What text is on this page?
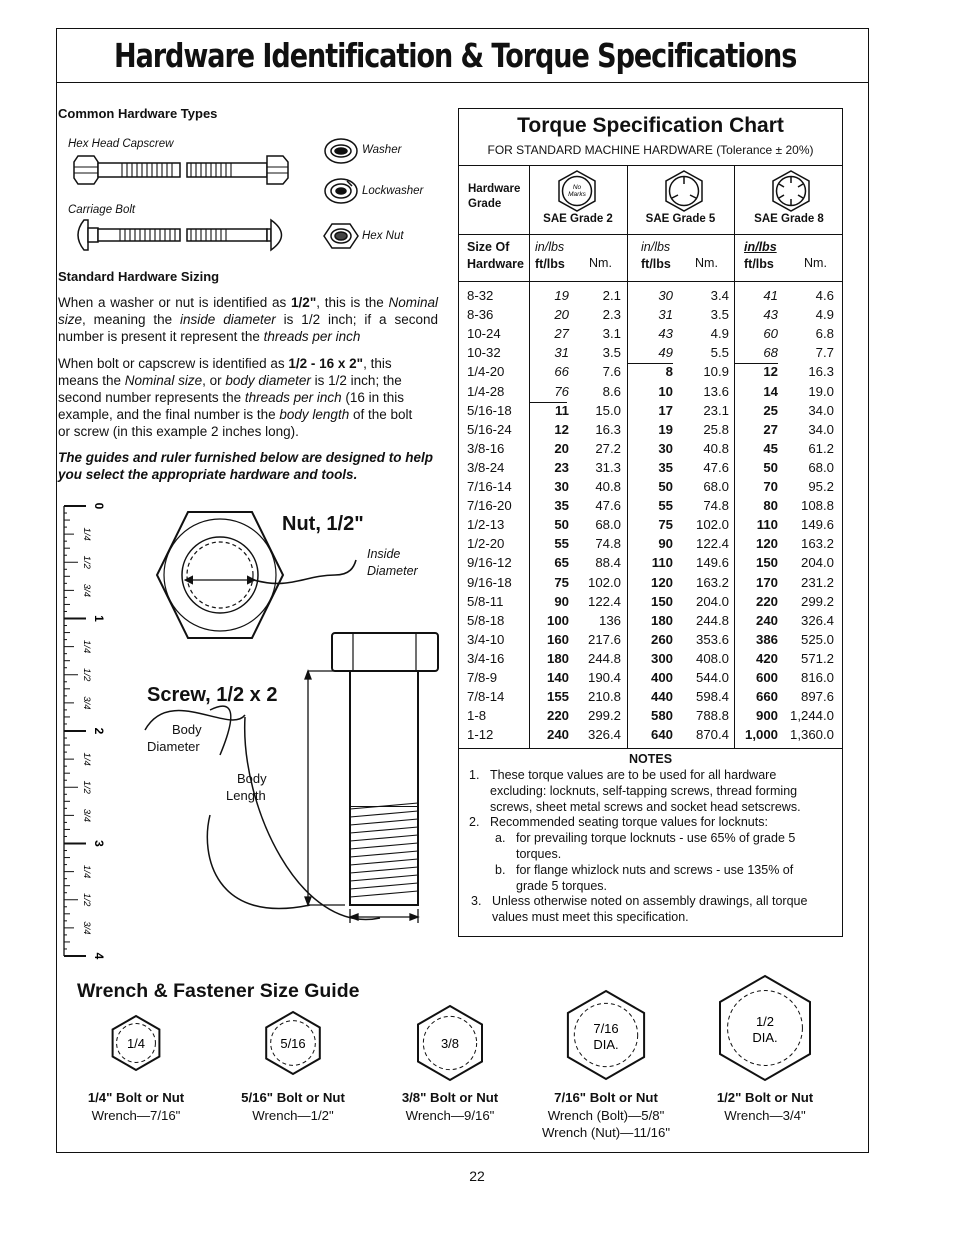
Hardware Identification & Torque Specifications
Common Hardware Types
Hex Head Capscrew
Carriage Bolt
Washer
Lockwasher
Hex Nut
Standard Hardware Sizing
When a washer or nut is identified as 1/2", this is the Nominal size, meaning the inside diameter is 1/2 inch; if a second number is present it represent the threads per inch
When bolt or capscrew is identified as 1/2 - 16 x 2", this means the Nominal size, or body diameter is 1/2 inch; the second number represents the threads per inch (16 in this example, and the final number is the body length of the bolt or screw (in this example 2 inches long).
The guides and ruler furnished below are designed to help you select the appropriate hardware and tools.
0
1
2
3
4
1/4
1/2
3/4
1/4
1/2
3/4
1/4
1/2
3/4
1/4
1/2
3/4
Nut, 1/2"
Inside
Diameter
Screw, 1/2 x 2
Body
Diameter
Body
Length
Torque Specification Chart
FOR STANDARD MACHINE HARDWARE (Tolerance ± 20%)
Hardware Grade
No
Marks
SAE Grade 2	SAE Grade 5	SAE Grade 8
Size Of
Hardware
in/lbs
ft/lbs Nm.
in/lbs
ft/lbs Nm.
in/lbs
ft/lbs Nm.
8-32	19	2.1	30	3.4	41	4.6
8-36	20	2.3	31	3.5	43	4.9
10-24	27	3.1	43	4.9	60	6.8
10-32	31	3.5	49	5.5	68	7.7
1/4-20	66	7.6	8	10.9	12	16.3
1/4-28	76	8.6	10	13.6	14	19.0
5/16-18	11	15.0	17	23.1	25	34.0
5/16-24	12	16.3	19	25.8	27	34.0
3/8-16	20	27.2	30	40.8	45	61.2
3/8-24	23	31.3	35	47.6	50	68.0
7/16-14	30	40.8	50	68.0	70	95.2
7/16-20	35	47.6	55	74.8	80	108.8
1/2-13	50	68.0	75	102.0	110	149.6
1/2-20	55	74.8	90	122.4	120	163.2
9/16-12	65	88.4	110	149.6	150	204.0
9/16-18	75	102.0	120	163.2	170	231.2
5/8-11	90	122.4	150	204.0	220	299.2
5/8-18	100	136	180	244.8	240	326.4
3/4-10	160	217.6	260	353.6	386	525.0
3/4-16	180	244.8	300	408.0	420	571.2
7/8-9	140	190.4	400	544.0	600	816.0
7/8-14	155	210.8	440	598.4	660	897.6
1-8	220	299.2	580	788.8	900 1,244.0
1-12	240	326.4	640	870.4	1,000 1,360.0
NOTES
1. These torque values are to be used for all hardware
excluding: locknuts, self-tapping screws, thread forming
screws, sheet metal screws and socket head setscrews.
2. Recommended seating torque values for locknuts:
a. for prevailing torque locknuts - use 65% of grade 5
torques.
b. for flange whizlock nuts and screws - use 135% of
grade 5 torques.
3. Unless otherwise noted on assembly drawings, all torque
values must meet this specification.
Wrench & Fastener Size Guide
1/4
1/4" Bolt or Nut
Wrench—7/16"
5/16
5/16" Bolt or Nut
Wrench—1/2"
3/8
3/8" Bolt or Nut
Wrench—9/16"
7/16
DIA.
7/16" Bolt or Nut
Wrench (Bolt)—5/8"
Wrench (Nut)—11/16"
1/2
DIA.
1/2" Bolt or Nut
Wrench—3/4"
22
